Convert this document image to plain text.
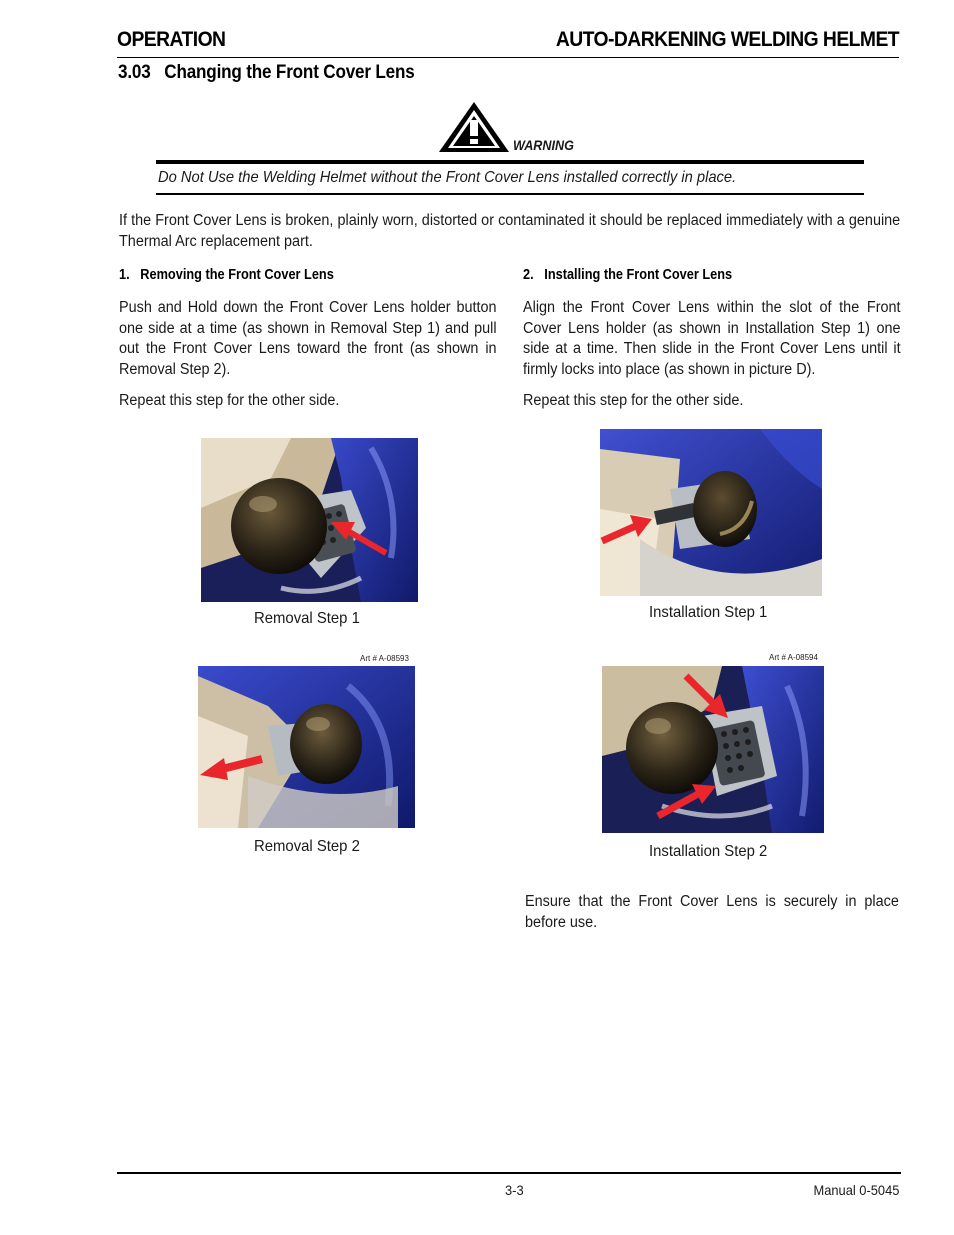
OPERATION	AUTO-DARKENING WELDING HELMET
3.03   Changing the Front Cover Lens
WARNING
Do Not Use the Welding Helmet without the Front Cover Lens installed correctly in place.
If the Front Cover Lens is broken, plainly worn, distorted or contaminated it should be replaced immediately with a genuine Thermal Arc replacement part.
1.   Removing the Front Cover Lens
Push and Hold down the Front Cover Lens holder button one side at a time (as shown in Removal Step 1) and pull out the Front Cover Lens toward the front (as shown in Removal Step 2).
Repeat this step for the other side.
2.   Installing the Front Cover Lens
Align the Front Cover Lens within the slot of the Front Cover Lens holder (as shown in Installation Step 1) one side at a time. Then slide in the Front Cover Lens until it firmly locks into place (as shown in picture D).
Repeat this step for the other side.
Removal Step 1	Installation Step 1
Art # A-08593	Art # A-08594
Removal Step 2	Installation Step 2
Ensure that the Front Cover Lens is securely in place before use.
3-3	Manual 0-5045
